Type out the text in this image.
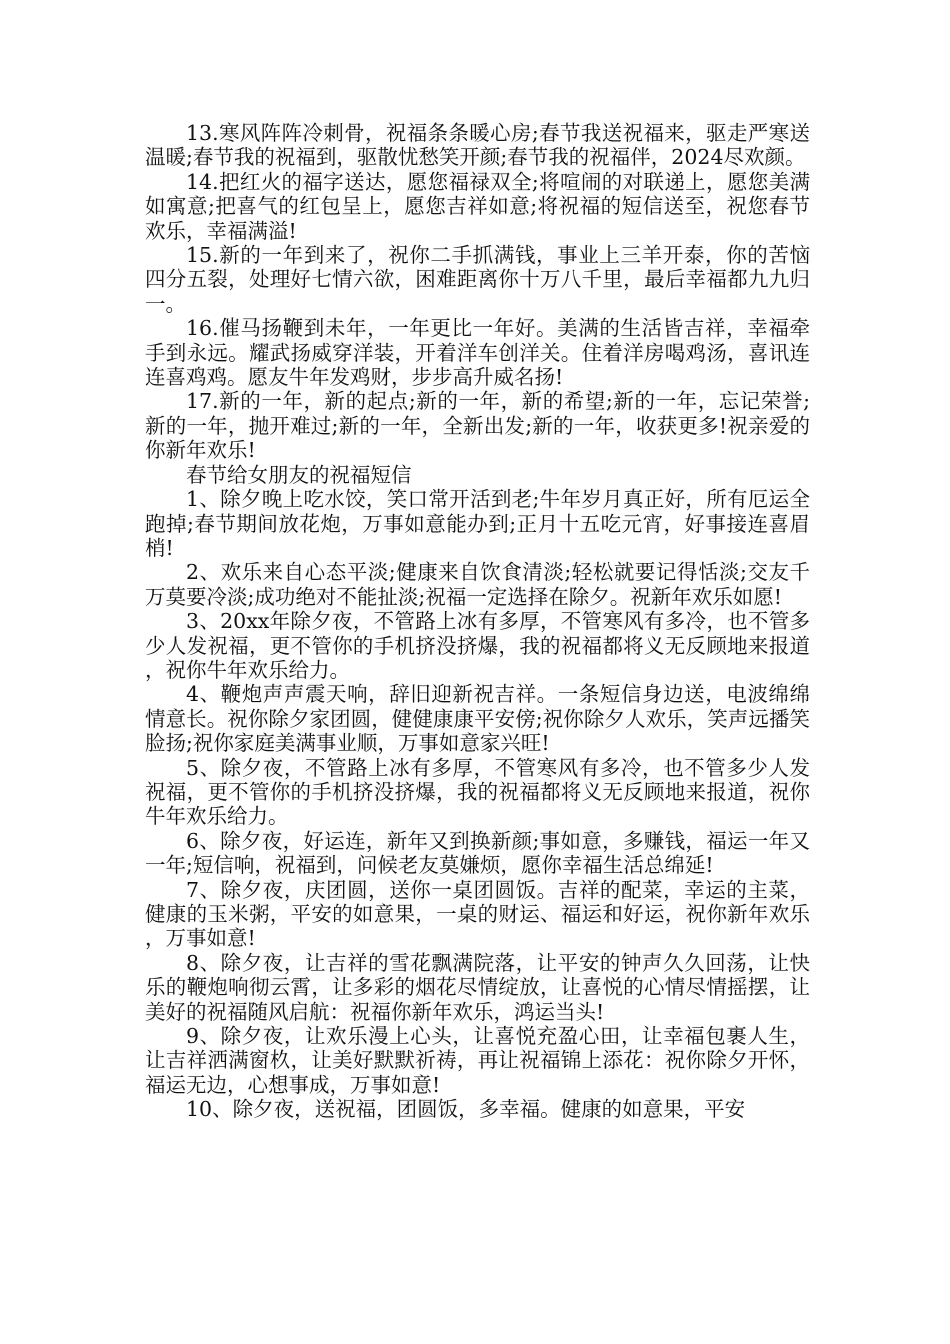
13.寒风阵阵冷刺骨，祝福条条暖心房;春节我送祝福来，驱走严寒送温暖;春节我的祝福到，驱散忧愁笑开颜;春节我的祝福伴，2024尽欢颜。

14.把红火的福字送达，愿您福禄双全;将喧闹的对联递上，愿您美满如寓意;把喜气的红包呈上，愿您吉祥如意;将祝福的短信送至，祝您春节欢乐，幸福满溢!

15.新的一年到来了，祝你二手抓满钱，事业上三羊开泰，你的苦恼四分五裂，处理好七情六欲，困难距离你十万八千里，最后幸福都九九归一。

16.催马扬鞭到未年，一年更比一年好。美满的生活皆吉祥，幸福牵手到永远。耀武扬威穿洋装，开着洋车创洋关。住着洋房喝鸡汤，喜讯连连喜鸡鸡。愿友牛年发鸡财，步步高升威名扬!

17.新的一年，新的起点;新的一年，新的希望;新的一年，忘记荣誉;新的一年，抛开难过;新的一年，全新出发;新的一年，收获更多!祝亲爱的你新年欢乐!

春节给女朋友的祝福短信

1、除夕晚上吃水饺，笑口常开活到老;牛年岁月真正好，所有厄运全跑掉;春节期间放花炮，万事如意能办到;正月十五吃元宵，好事接连喜眉梢!

2、欢乐来自心态平淡;健康来自饮食清淡;轻松就要记得恬淡;交友千万莫要冷淡;成功绝对不能扯淡;祝福一定选择在除夕。祝新年欢乐如愿!

3、20xx年除夕夜，不管路上冰有多厚，不管寒风有多冷，也不管多少人发祝福，更不管你的手机挤没挤爆，我的祝福都将义无反顾地来报道，祝你牛年欢乐给力。

4、鞭炮声声震天响，辞旧迎新祝吉祥。一条短信身边送，电波绵绵情意长。祝你除夕家团圆，健健康康平安傍;祝你除夕人欢乐，笑声远播笑脸扬;祝你家庭美满事业顺，万事如意家兴旺!

5、除夕夜，不管路上冰有多厚，不管寒风有多冷，也不管多少人发祝福，更不管你的手机挤没挤爆，我的祝福都将义无反顾地来报道，祝你牛年欢乐给力。

6、除夕夜，好运连，新年又到换新颜;事如意，多赚钱，福运一年又一年;短信响，祝福到，问候老友莫嫌烦，愿你幸福生活总绵延!

7、除夕夜，庆团圆，送你一桌团圆饭。吉祥的配菜，幸运的主菜，健康的玉米粥，平安的如意果，一桌的财运、福运和好运，祝你新年欢乐，万事如意!

8、除夕夜，让吉祥的雪花飘满院落，让平安的钟声久久回荡，让快乐的鞭炮响彻云霄，让多彩的烟花尽情绽放，让喜悦的心情尽情摇摆，让美好的祝福随风启航：祝福你新年欢乐，鸿运当头!

9、除夕夜，让欢乐漫上心头，让喜悦充盈心田，让幸福包裹人生，让吉祥洒满窗杦，让美好默默祈祷，再让祝福锦上添花：祝你除夕开怀，福运无边，心想事成，万事如意!

10、除夕夜，送祝福，团圆饭，多幸福。健康的如意果，平安
